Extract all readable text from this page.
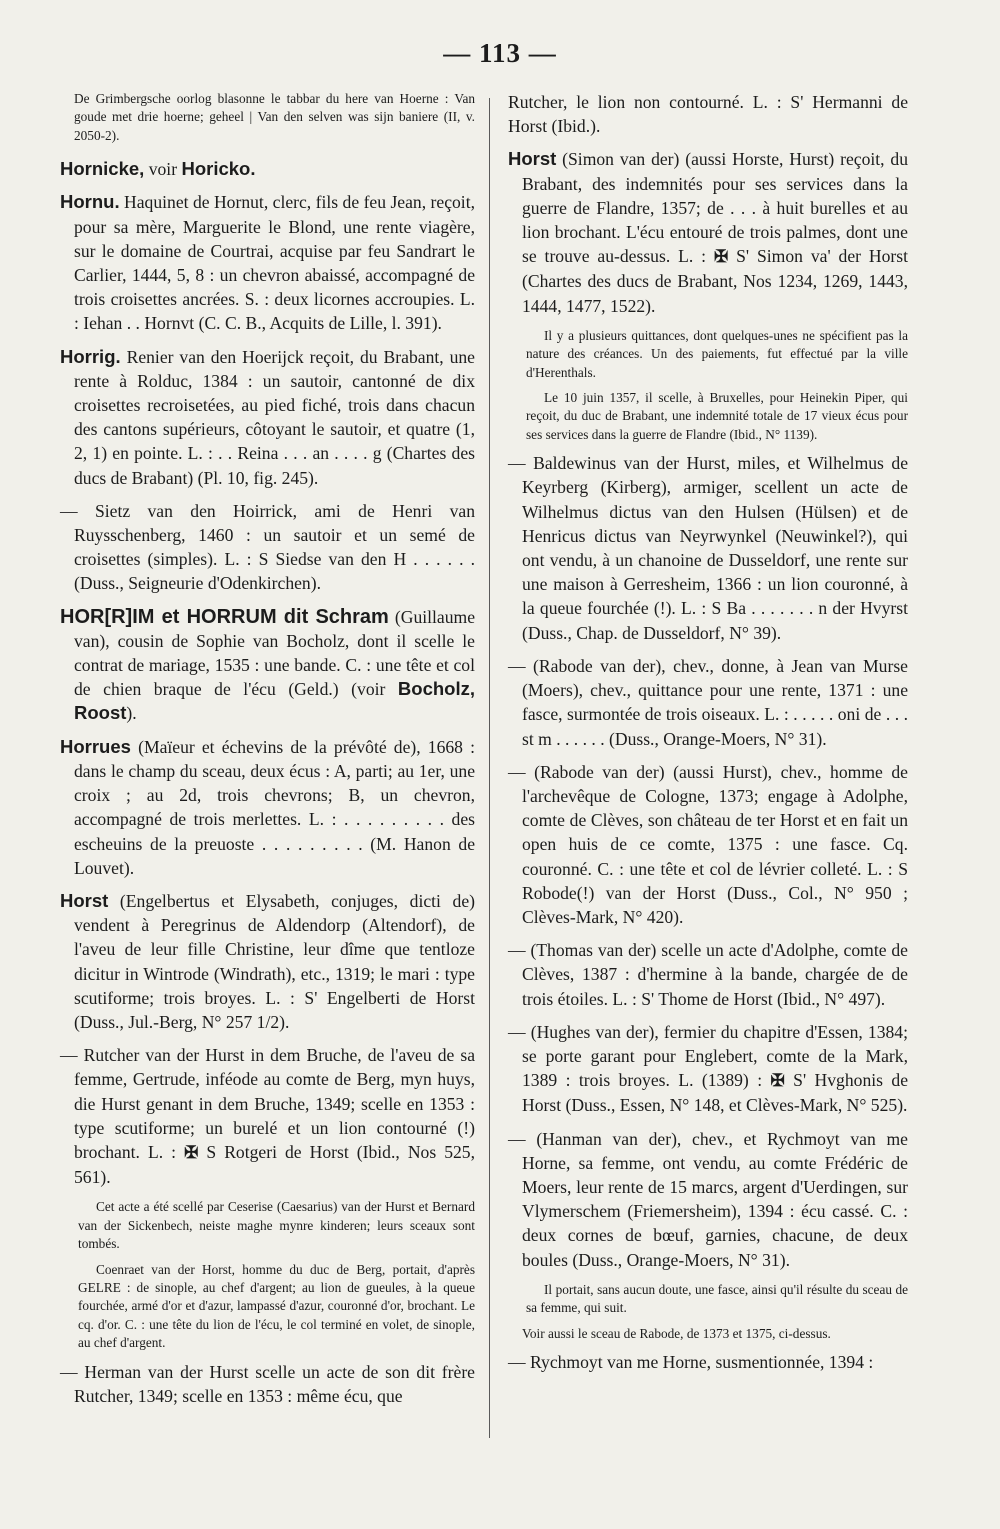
— 113 —

De Grimbergsche oorlog blasonne le tabbar du here van Hoerne : Van goude met drie hoerne; geheel | Van den selven was sijn baniere (II, v. 2050-2).

Hornicke, voir Horicko.

Hornu. Haquinet de Hornut, clerc, fils de feu Jean, reçoit, pour sa mère, Marguerite le Blond, une rente viagère, sur le domaine de Courtrai, acquise par feu Sandrart le Carlier, 1444, 5, 8 : un chevron abaissé, accompagné de trois croisettes ancrées. S. : deux licornes accroupies. L. : Iehan . . Hornvt (C. C. B., Acquits de Lille, l. 391).

Horrig. Renier van den Hoerijck reçoit, du Brabant, une rente à Rolduc, 1384 : un sautoir, cantonné de dix croisettes recroisetées, au pied fiché, trois dans chacun des cantons supérieurs, côtoyant le sautoir, et quatre (1, 2, 1) en pointe. L. : . . Reina . . . an . . . . g (Chartes des ducs de Brabant) (Pl. 10, fig. 245).

— Sietz van den Hoirrick, ami de Henri van Ruysschenberg, 1460 : un sautoir et un semé de croisettes (simples). L. : S Siedse van den H . . . . . . (Duss., Seigneurie d'Odenkirchen).

HOR[R]IM et HORRUM dit Schram (Guillaume van), cousin de Sophie van Bocholz, dont il scelle le contrat de mariage, 1535 : une bande. C. : une tête et col de chien braque de l'écu (Geld.) (voir Bocholz, Roost).

Horrues (Maïeur et échevins de la prévôté de), 1668 : dans le champ du sceau, deux écus : A, parti; au 1er, une croix ; au 2d, trois chevrons; B, un chevron, accompagné de trois merlettes. L. : . . . . . . . . . des escheuins de la preuoste . . . . . . . . . (M. Hanon de Louvet).

Horst (Engelbertus et Elysabeth, conjuges, dicti de) vendent à Peregrinus de Aldendorp (Altendorf), de l'aveu de leur fille Christine, leur dîme que tentloze dicitur in Wintrode (Windrath), etc., 1319; le mari : type scutiforme; trois broyes. L. : S' Engelberti de Horst (Duss., Jul.-Berg, N° 257 1/2).

— Rutcher van der Hurst in dem Bruche, de l'aveu de sa femme, Gertrude, inféode au comte de Berg, myn huys, die Hurst genant in dem Bruche, 1349; scelle en 1353 : type scutiforme; un burelé et un lion contourné (!) brochant. L. : ✠ S Rotgeri de Horst (Ibid., Nos 525, 561).

Cet acte a été scellé par Ceserise (Caesarius) van der Hurst et Bernard van der Sickenbech, neiste maghe mynre kinderen; leurs sceaux sont tombés.

Coenraet van der Horst, homme du duc de Berg, portait, d'après GELRE : de sinople, au chef d'argent; au lion de gueules, à la queue fourchée, armé d'or et d'azur, lampassé d'azur, couronné d'or, brochant. Le cq. d'or. C. : une tête du lion de l'écu, le col terminé en volet, de sinople, au chef d'argent.

— Herman van der Hurst scelle un acte de son dit frère Rutcher, 1349; scelle en 1353 : même écu, que

Rutcher, le lion non contourné. L. : S' Hermanni de Horst (Ibid.).

Horst (Simon van der) (aussi Horste, Hurst) reçoit, du Brabant, des indemnités pour ses services dans la guerre de Flandre, 1357; de . . . à huit burelles et au lion brochant. L'écu entouré de trois palmes, dont une se trouve au-dessus. L. : ✠ S' Simon va' der Horst (Chartes des ducs de Brabant, Nos 1234, 1269, 1443, 1444, 1477, 1522).

Il y a plusieurs quittances, dont quelques-unes ne spécifient pas la nature des créances. Un des paiements, fut effectué par la ville d'Herenthals.

Le 10 juin 1357, il scelle, à Bruxelles, pour Heinekin Piper, qui reçoit, du duc de Brabant, une indemnité totale de 17 vieux écus pour ses services dans la guerre de Flandre (Ibid., N° 1139).

— Baldewinus van der Hurst, miles, et Wilhelmus de Keyrberg (Kirberg), armiger, scellent un acte de Wilhelmus dictus van den Hulsen (Hülsen) et de Henricus dictus van Neyrwynkel (Neuwinkel?), qui ont vendu, à un chanoine de Dusseldorf, une rente sur une maison à Gerresheim, 1366 : un lion couronné, à la queue fourchée (!). L. : S Ba . . . . . . . n der Hvyrst (Duss., Chap. de Dusseldorf, N° 39).

— (Rabode van der), chev., donne, à Jean van Murse (Moers), chev., quittance pour une rente, 1371 : une fasce, surmontée de trois oiseaux. L. : . . . . . oni de . . . st m . . . . . . (Duss., Orange-Moers, N° 31).

— (Rabode van der) (aussi Hurst), chev., homme de l'archevêque de Cologne, 1373; engage à Adolphe, comte de Clèves, son château de ter Horst et en fait un open huis de ce comte, 1375 : une fasce. Cq. couronné. C. : une tête et col de lévrier colleté. L. : S Robode(!) van der Horst (Duss., Col., N° 950 ; Clèves-Mark, N° 420).

— (Thomas van der) scelle un acte d'Adolphe, comte de Clèves, 1387 : d'hermine à la bande, chargée de de trois étoiles. L. : S' Thome de Horst (Ibid., N° 497).

— (Hughes van der), fermier du chapitre d'Essen, 1384; se porte garant pour Englebert, comte de la Mark, 1389 : trois broyes. L. (1389) : ✠ S' Hvghonis de Horst (Duss., Essen, N° 148, et Clèves-Mark, N° 525).

— (Hanman van der), chev., et Rychmoyt van me Horne, sa femme, ont vendu, au comte Frédéric de Moers, leur rente de 15 marcs, argent d'Uerdingen, sur Vlymerschem (Friemersheim), 1394 : écu cassé. C. : deux cornes de bœuf, garnies, chacune, de deux boules (Duss., Orange-Moers, N° 31).

Il portait, sans aucun doute, une fasce, ainsi qu'il résulte du sceau de sa femme, qui suit.

Voir aussi le sceau de Rabode, de 1373 et 1375, ci-dessus.

— Rychmoyt van me Horne, susmentionnée, 1394 :
